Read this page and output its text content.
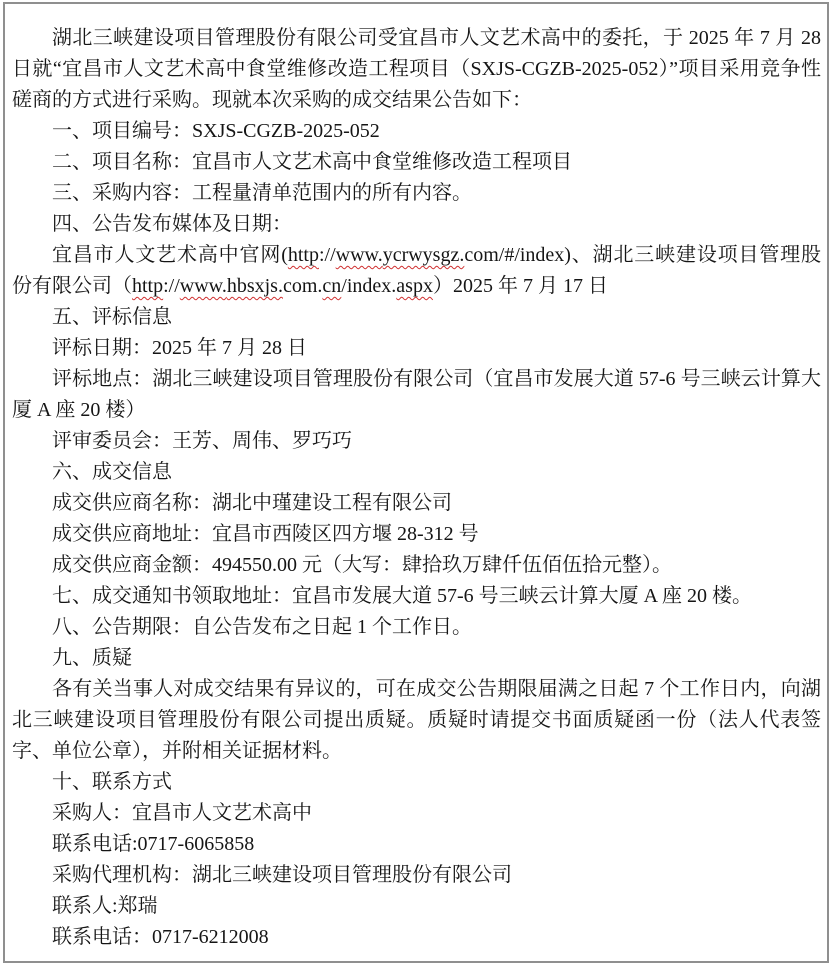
湖北三峡建设项目管理股份有限公司受宜昌市人文艺术高中的委托，于 2025 年 7 月 28 日就“宜昌市人文艺术高中食堂维修改造工程项目（SXJS-CGZB-2025-052）”项目采用竞争性磋商的方式进行采购。现就本次采购的成交结果公告如下：

一、项目编号：SXJS-CGZB-2025-052

二、项目名称：宜昌市人文艺术高中食堂维修改造工程项目

三、采购内容：工程量清单范围内的所有内容。

四、公告发布媒体及日期：

宜昌市人文艺术高中官网(http://www.ycrwysgz.com/#/index)、湖北三峡建设项目管理股份有限公司（http://www.hbsxjs.com.cn/index.aspx）2025 年 7 月 17 日

五、评标信息

评标日期：2025 年 7 月 28 日

评标地点：湖北三峡建设项目管理股份有限公司（宜昌市发展大道 57-6 号三峡云计算大厦 A 座 20 楼）

评审委员会：王芳、周伟、罗巧巧

六、成交信息

成交供应商名称：湖北中瑾建设工程有限公司

成交供应商地址：宜昌市西陵区四方堰 28-312 号

成交供应商金额：494550.00 元（大写：肆拾玖万肆仟伍佰伍拾元整）。

七、成交通知书领取地址：宜昌市发展大道 57-6 号三峡云计算大厦 A 座 20 楼。

八、公告期限：自公告发布之日起 1 个工作日。

九、质疑

各有关当事人对成交结果有异议的，可在成交公告期限届满之日起 7 个工作日内，向湖北三峡建设项目管理股份有限公司提出质疑。质疑时请提交书面质疑函一份（法人代表签字、单位公章），并附相关证据材料。

十、联系方式

采购人：宜昌市人文艺术高中

联系电话:0717-6065858

采购代理机构：湖北三峡建设项目管理股份有限公司

联系人:郑瑞

联系电话：0717-6212008
